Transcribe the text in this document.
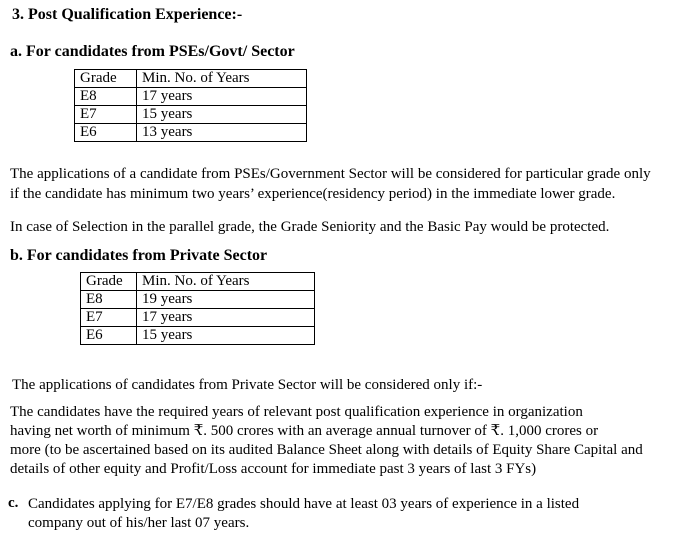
3. Post Qualification Experience:-
a. For candidates from PSEs/Govt/ Sector
Grade	Min. No. of Years
E8	17 years
E7	15 years
E6	13 years
The applications of a candidate from PSEs/Government Sector will be considered for particular grade only
if the candidate has minimum two years’ experience(residency period) in the immediate lower grade.
In case of Selection in the parallel grade, the Grade Seniority and the Basic Pay would be protected.
b. For candidates from Private Sector
Grade	Min. No. of Years
E8	19 years
E7	17 years
E6	15 years
The applications of candidates from Private Sector will be considered only if:-
The candidates have the required years of relevant post qualification experience in organization
having net worth of minimum ₹. 500 crores with an average annual turnover of ₹. 1,000 crores or
more (to be ascertained based on its audited Balance Sheet along with details of Equity Share Capital and
details of other equity and Profit/Loss account for immediate past 3 years of last 3 FYs)
c. Candidates applying for E7/E8 grades should have at least 03 years of experience in a listed
company out of his/her last 07 years.
